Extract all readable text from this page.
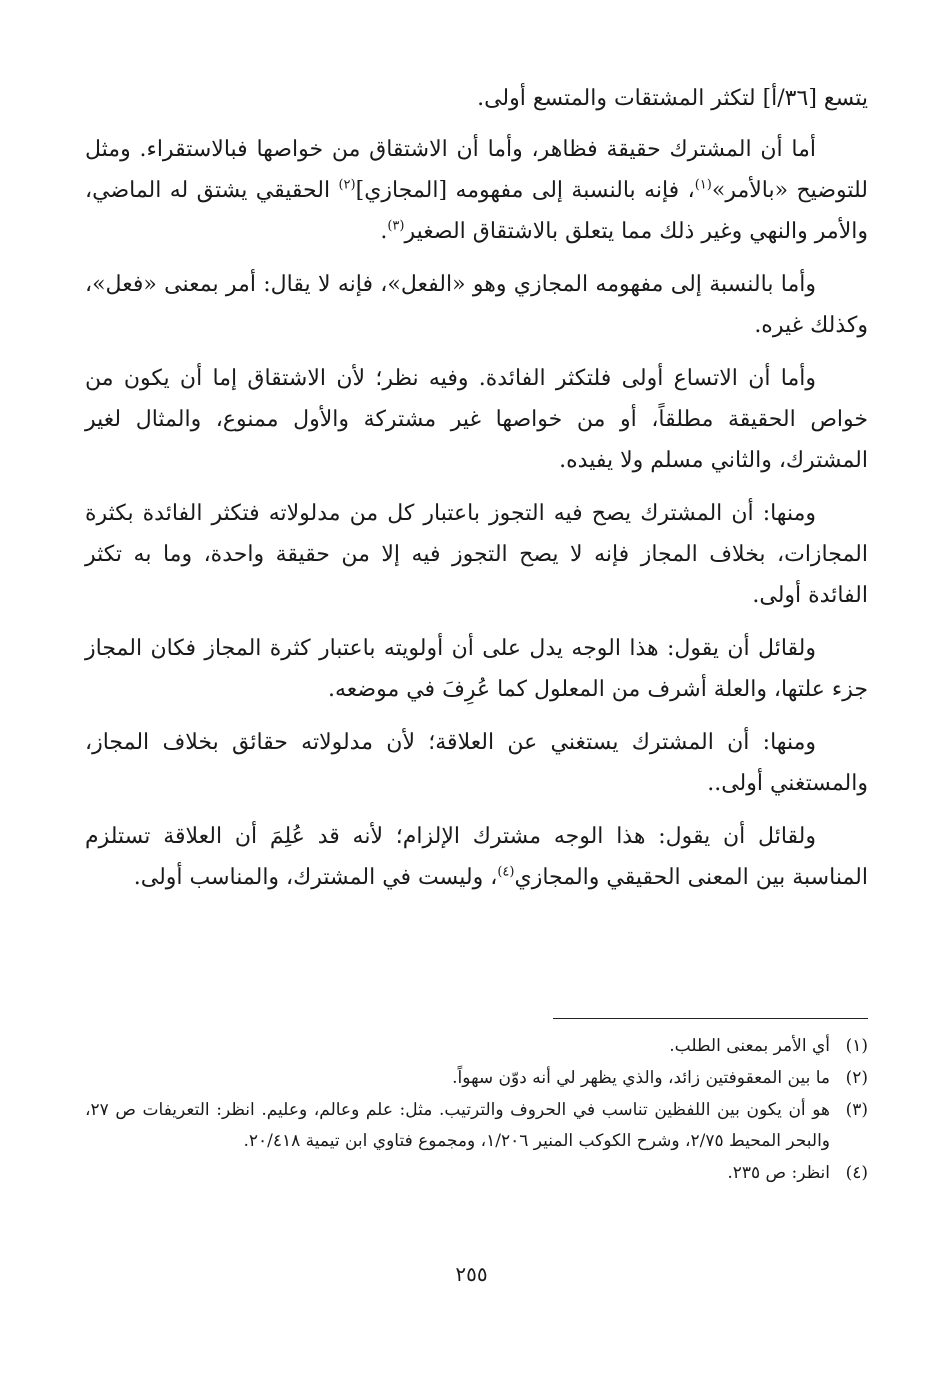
يتسع [٣٦/أ] لتكثر المشتقات والمتسع أولى.

أما أن المشترك حقيقة فظاهر، وأما أن الاشتقاق من خواصها فبالاستقراء. ومثل للتوضيح «بالأمر»$^{(١)}$، فإنه بالنسبة إلى مفهومه [المجازي]$^{(٢)}$ الحقيقي يشتق له الماضي، والأمر والنهي وغير ذلك مما يتعلق بالاشتقاق الصغير$^{(٣)}$.

وأما بالنسبة إلى مفهومه المجازي وهو «الفعل»، فإنه لا يقال: أمر بمعنى «فعل»، وكذلك غيره.

وأما أن الاتساع أولى فلتكثر الفائدة. وفيه نظر؛ لأن الاشتقاق إما أن يكون من خواص الحقيقة مطلقاً، أو من خواصها غير مشتركة والأول ممنوع، والمثال لغير المشترك، والثاني مسلم ولا يفيده.

ومنها: أن المشترك يصح فيه التجوز باعتبار كل من مدلولاته فتكثر الفائدة بكثرة المجازات، بخلاف المجاز فإنه لا يصح التجوز فيه إلا من حقيقة واحدة، وما به تكثر الفائدة أولى.

ولقائل أن يقول: هذا الوجه يدل على أن أولويته باعتبار كثرة المجاز فكان المجاز جزء علتها، والعلة أشرف من المعلول كما عُرِفَ في موضعه.

ومنها: أن المشترك يستغني عن العلاقة؛ لأن مدلولاته حقائق بخلاف المجاز، والمستغني أولى..

ولقائل أن يقول: هذا الوجه مشترك الإلزام؛ لأنه قد عُلِمَ أن العلاقة تستلزم المناسبة بين المعنى الحقيقي والمجازي$^{(٤)}$، وليست في المشترك، والمناسب أولى.

(١)
أي الأمر بمعنى الطلب.
(٢)
ما بين المعقوفتين زائد، والذي يظهر لي أنه دوّن سهواً.
(٣)
هو أن يكون بين اللفظين تناسب في الحروف والترتيب. مثل: علم وعالم، وعليم. انظر: التعريفات ص ٢٧، والبحر المحيط ٢/٧٥، وشرح الكوكب المنير ١/٢٠٦، ومجموع فتاوي ابن تيمية ٢٠/٤١٨.
(٤)
انظر: ص ٢٣٥.
٢٥٥
